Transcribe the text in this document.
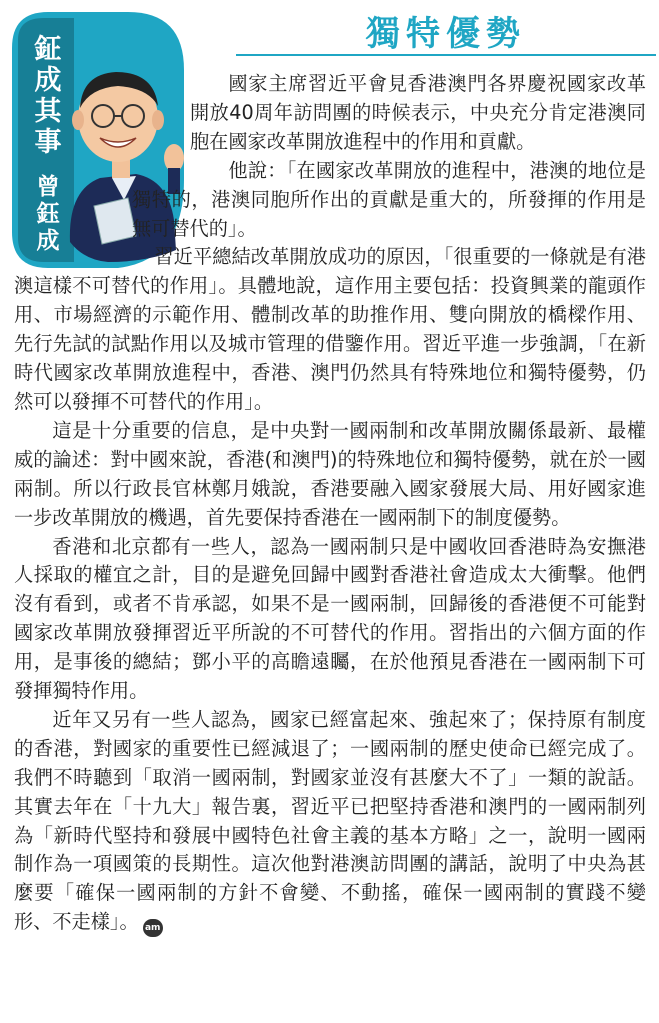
獨特優勢
鉦成其事
曾鈺成

國家主席習近平會見香港澳門各界慶祝國家改革開放40周年訪問團的時候表示，中央充分肯定港澳同胞在國家改革開放進程中的作用和貢獻。

他說：「在國家改革開放的進程中，港澳的地位是獨特的，港澳同胞所作出的貢獻是重大的，所發揮的作用是無可替代的」。

習近平總結改革開放成功的原因，「很重要的一條就是有港澳這樣不可替代的作用」。具體地說，這作用主要包括：投資興業的龍頭作用、市場經濟的示範作用、體制改革的助推作用、雙向開放的橋樑作用、先行先試的試點作用以及城市管理的借鑒作用。習近平進一步強調，「在新時代國家改革開放進程中，香港、澳門仍然具有特殊地位和獨特優勢，仍然可以發揮不可替代的作用」。

這是十分重要的信息，是中央對一國兩制和改革開放關係最新、最權威的論述：對中國來說，香港(和澳門)的特殊地位和獨特優勢，就在於一國兩制。所以行政長官林鄭月娥說，香港要融入國家發展大局、用好國家進一步改革開放的機遇，首先要保持香港在一國兩制下的制度優勢。

香港和北京都有一些人，認為一國兩制只是中國收回香港時為安撫港人採取的權宜之計，目的是避免回歸中國對香港社會造成太大衝擊。他們沒有看到，或者不肯承認，如果不是一國兩制，回歸後的香港便不可能對國家改革開放發揮習近平所說的不可替代的作用。習指出的六個方面的作用，是事後的總結；鄧小平的高瞻遠矚，在於他預見香港在一國兩制下可發揮獨特作用。

近年又另有一些人認為，國家已經富起來、強起來了；保持原有制度的香港，對國家的重要性已經減退了；一國兩制的歷史使命已經完成了。我們不時聽到「取消一國兩制，對國家並沒有甚麼大不了」一類的說話。其實去年在「十九大」報告裏，習近平已把堅持香港和澳門的一國兩制列為「新時代堅持和發展中國特色社會主義的基本方略」之一，說明一國兩制作為一項國策的長期性。這次他對港澳訪問團的講話，說明了中央為甚麼要「確保一國兩制的方針不會變、不動搖，確保一國兩制的實踐不變形、不走樣」。 am
